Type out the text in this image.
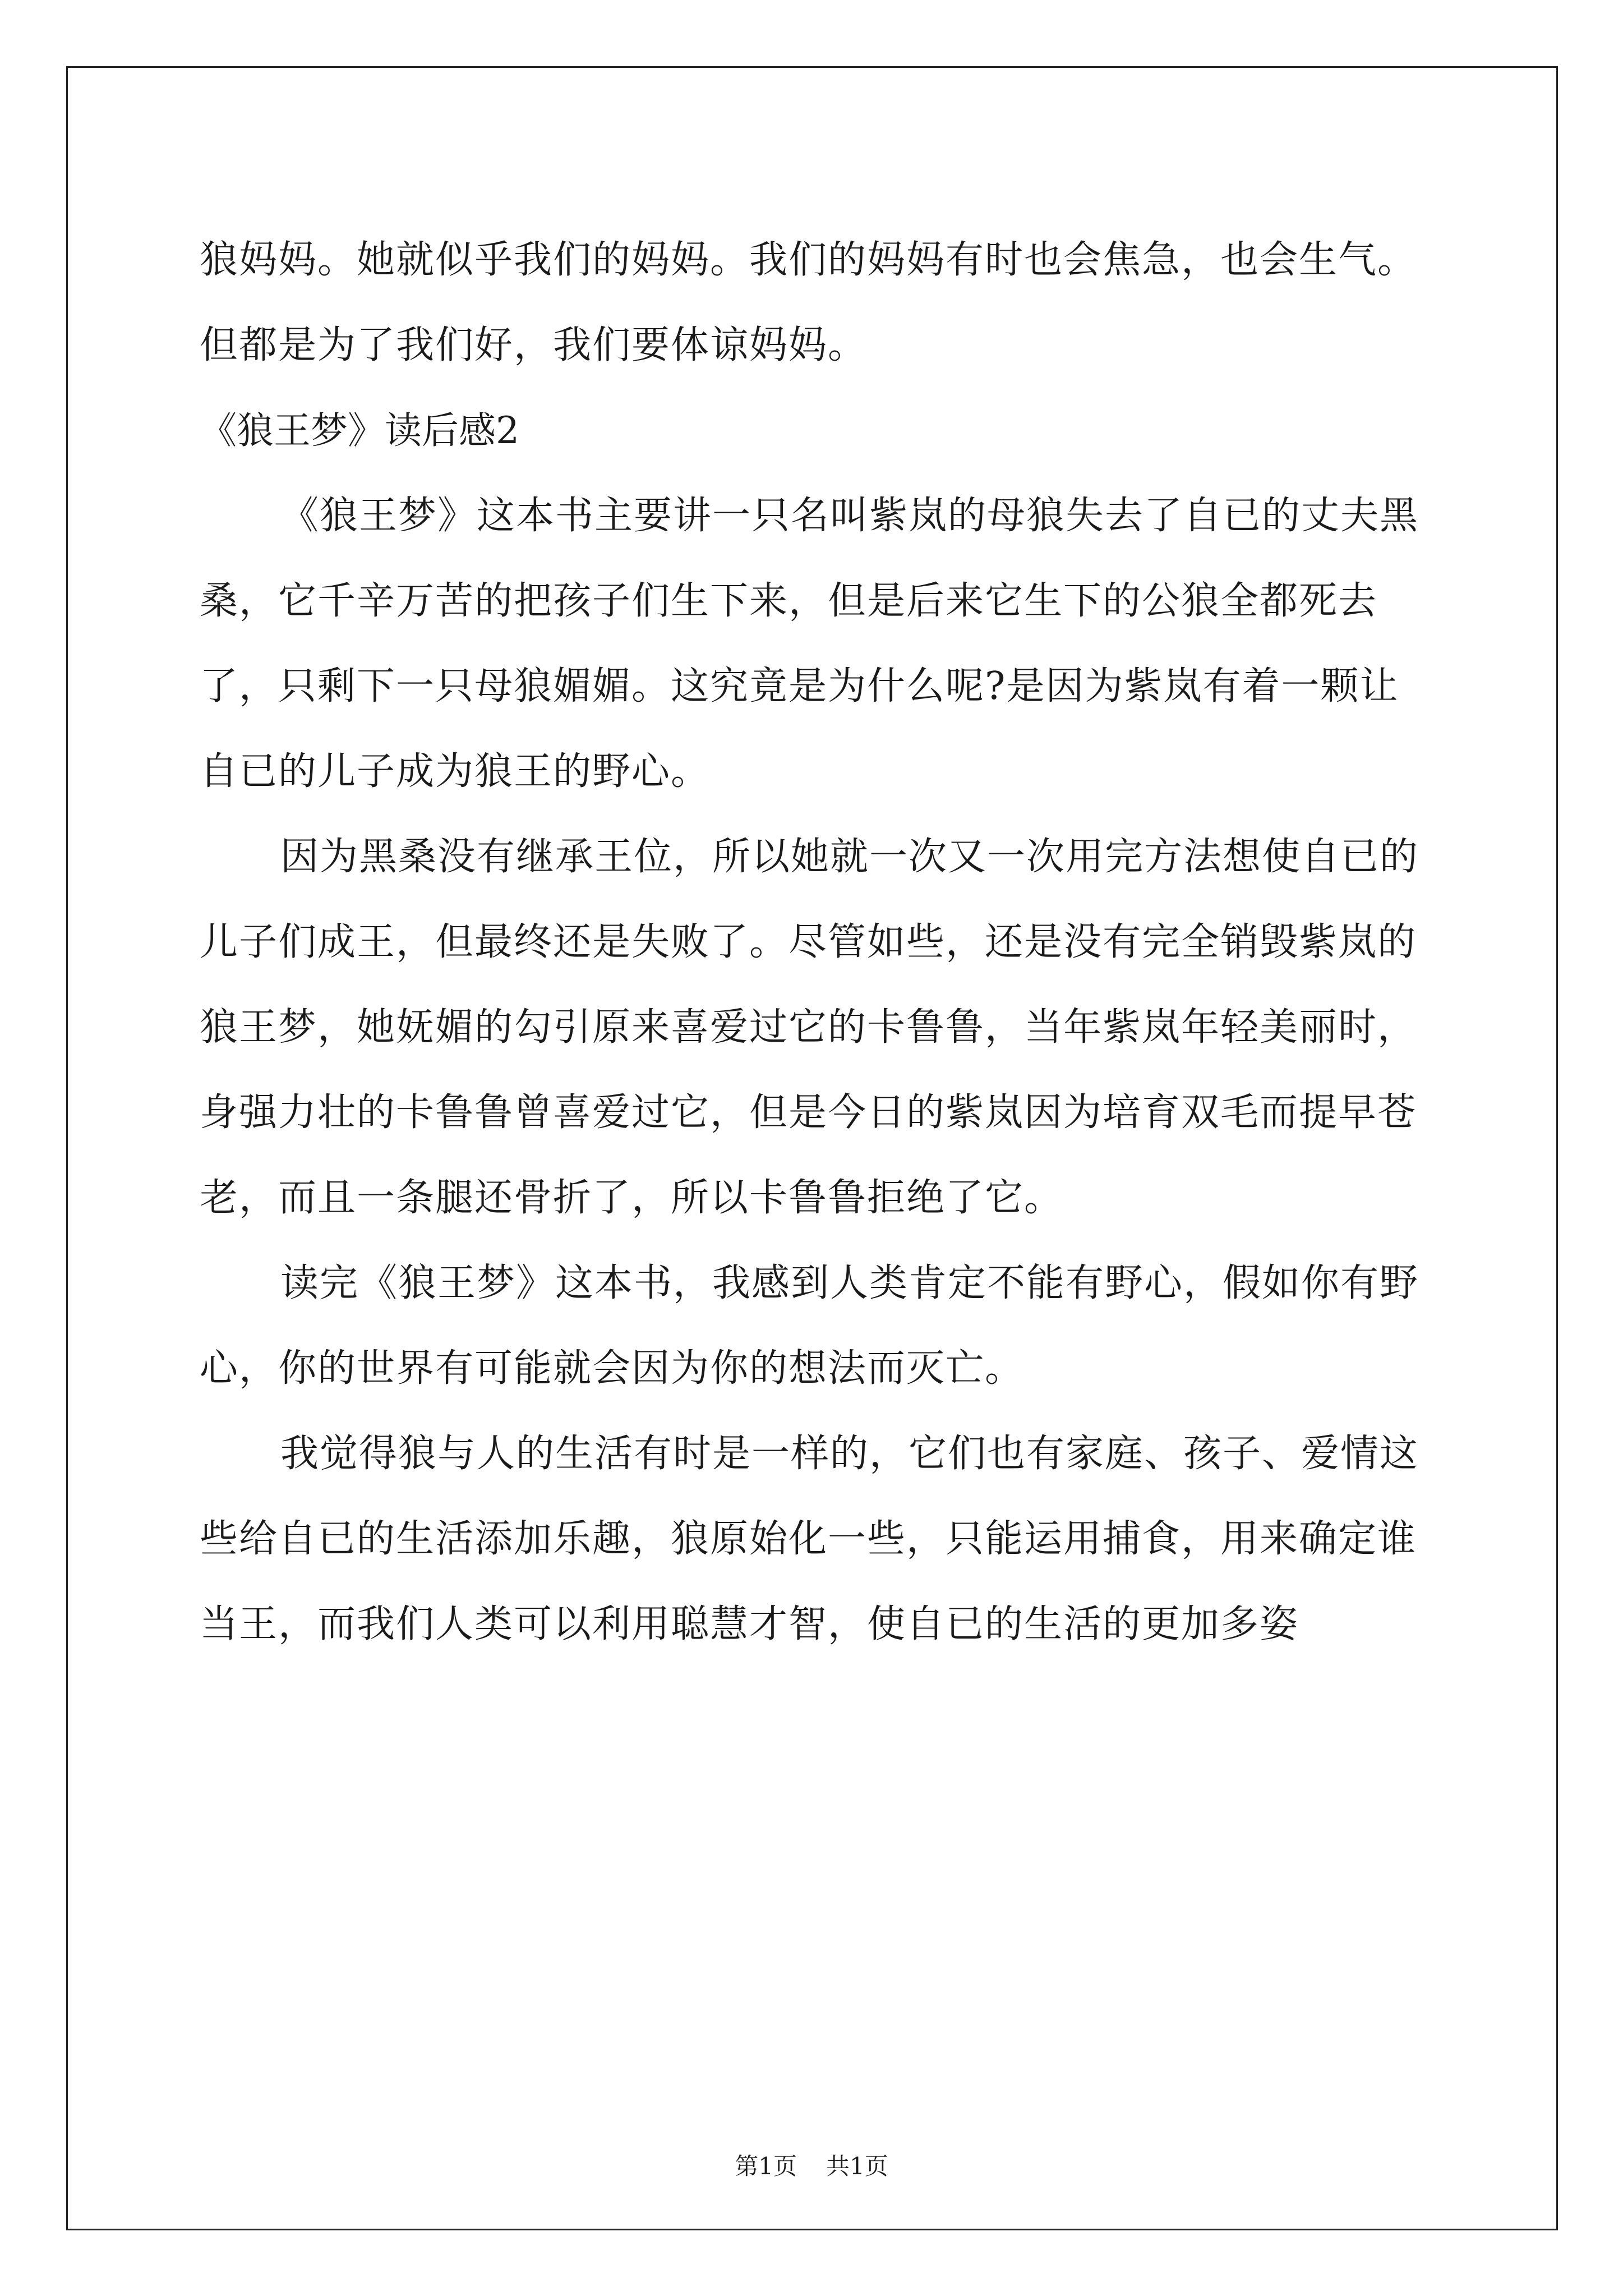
狼妈妈。她就似乎我们的妈妈。我们的妈妈有时也会焦急，也会生气。但都是为了我们好，我们要体谅妈妈。

《狼王梦》读后感2

《狼王梦》这本书主要讲一只名叫紫岚的母狼失去了自已的丈夫黑桑，它千辛万苦的把孩子们生下来，但是后来它生下的公狼全都死去了，只剩下一只母狼媚媚。这究竟是为什么呢?是因为紫岚有着一颗让自已的儿子成为狼王的野心。

因为黑桑没有继承王位，所以她就一次又一次用完方法想使自已的儿子们成王，但最终还是失败了。尽管如些，还是没有完全销毁紫岚的狼王梦，她妩媚的勾引原来喜爱过它的卡鲁鲁，当年紫岚年轻美丽时，身强力壮的卡鲁鲁曾喜爱过它，但是今日的紫岚因为培育双毛而提早苍老，而且一条腿还骨折了，所以卡鲁鲁拒绝了它。

读完《狼王梦》这本书，我感到人类肯定不能有野心，假如你有野心，你的世界有可能就会因为你的想法而灭亡。

我觉得狼与人的生活有时是一样的，它们也有家庭、孩子、爱情这些给自已的生活添加乐趣，狼原始化一些，只能运用捕食，用来确定谁当王，而我们人类可以利用聪慧才智，使自已的生活的更加多姿

第1页 共1页
